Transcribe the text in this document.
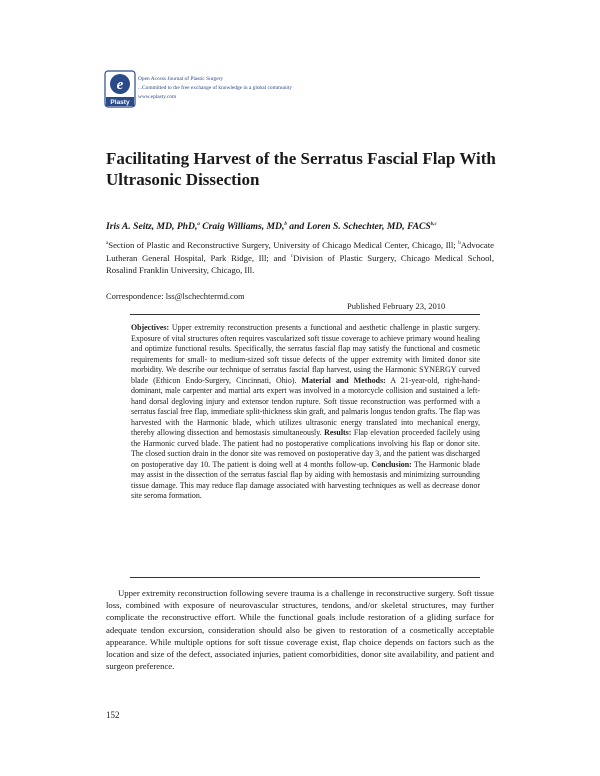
e
Plasty
Open Access Journal of Plastic Surgery
...Committed to the free exchange of knowledge in a global community
www.eplasty.com
Facilitating Harvest of the Serratus Fascial Flap With Ultrasonic Dissection
Iris A. Seitz, MD, PhD,$^a$ Craig Williams, MD,$^b$ and Loren S. Schechter, MD, FACS$^{b,c}$
$^a$Section of Plastic and Reconstructive Surgery, University of Chicago Medical Center, Chicago, Ill; $^b$Advocate Lutheran General Hospital, Park Ridge, Ill; and $^c$Division of Plastic Surgery, Chicago Medical School, Rosalind Franklin University, Chicago, Ill.
Correspondence: lss@lschechtermd.com
Published February 23, 2010
Objectives: Upper extremity reconstruction presents a functional and aesthetic challenge in plastic surgery. Exposure of vital structures often requires vascularized soft tissue coverage to achieve primary wound healing and optimize functional results. Specifically, the serratus fascial flap may satisfy the functional and cosmetic requirements for small- to medium-sized soft tissue defects of the upper extremity with limited donor site morbidity. We describe our technique of serratus fascial flap harvest, using the Harmonic SYNERGY curved blade (Ethicon Endo-Surgery, Cincinnati, Ohio). Material and Methods: A 21-year-old, right-hand-dominant, male carpenter and martial arts expert was involved in a motorcycle collision and sustained a left-hand dorsal degloving injury and extensor tendon rupture. Soft tissue reconstruction was performed with a serratus fascial free flap, immediate split-thickness skin graft, and palmaris longus tendon grafts. The flap was harvested with the Harmonic blade, which utilizes ultrasonic energy translated into mechanical energy, thereby allowing dissection and hemostasis simultaneously. Results: Flap elevation proceeded facilely using the Harmonic curved blade. The patient had no postoperative complications involving his flap or donor site. The closed suction drain in the donor site was removed on postoperative day 3, and the patient was discharged on postoperative day 10. The patient is doing well at 4 months follow-up. Conclusion: The Harmonic blade may assist in the dissection of the serratus fascial flap by aiding with hemostasis and minimizing surrounding tissue damage. This may reduce flap damage associated with harvesting techniques as well as decrease donor site seroma formation.

Upper extremity reconstruction following severe trauma is a challenge in reconstructive surgery. Soft tissue loss, combined with exposure of neurovascular structures, tendons, and/or skeletal structures, may further complicate the reconstructive effort. While the functional goals include restoration of a gliding surface for adequate tendon excursion, consideration should also be given to restoration of a cosmetically acceptable appearance. While multiple options for soft tissue coverage exist, flap choice depends on factors such as the location and size of the defect, associated injuries, patient comorbidities, donor site availability, and patient and surgeon preference.

152
